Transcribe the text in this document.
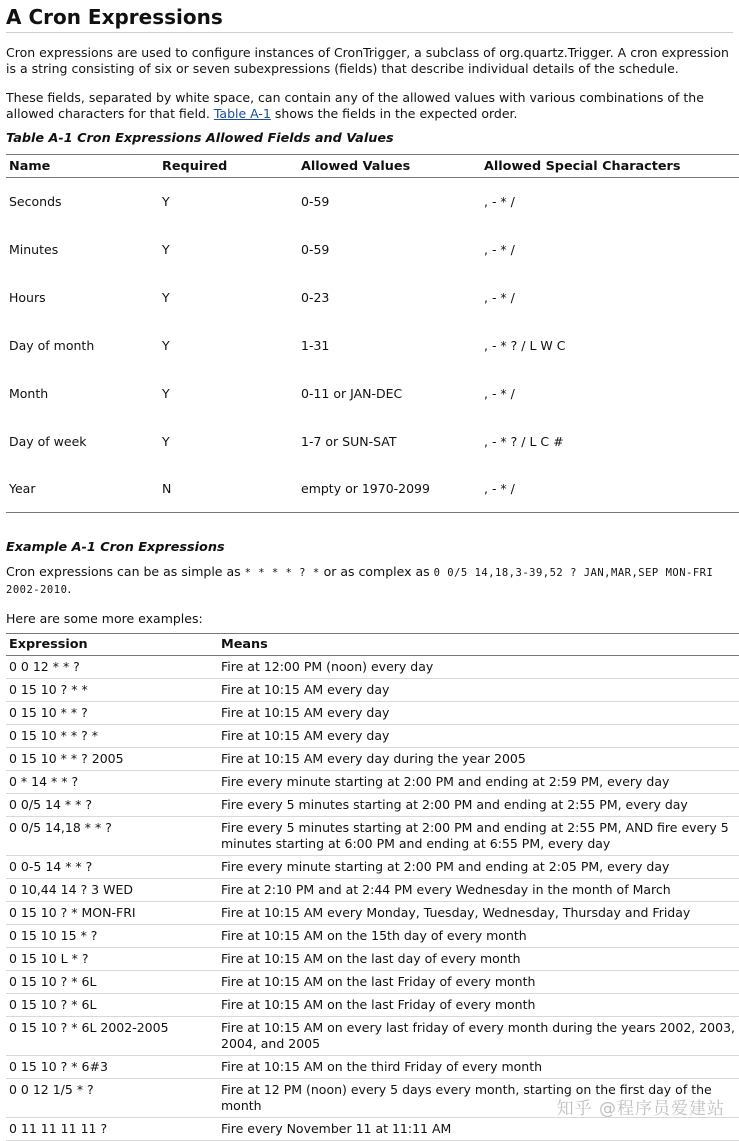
A Cron Expressions

Cron expressions are used to configure instances of CronTrigger, a subclass of org.quartz.Trigger. A cron expression is a string consisting of six or seven subexpressions (fields) that describe individual details of the schedule.

These fields, separated by white space, can contain any of the allowed values with various combinations of the allowed characters for that field. Table A-1 shows the fields in the expected order.

Table A-1 Cron Expressions Allowed Fields and Values
Name	Required	Allowed Values	Allowed Special Characters
Seconds	Y	0-59	, - * /
Minutes	Y	0-59	, - * /
Hours	Y	0-23	, - * /
Day of month	Y	1-31	, - * ? / L W C
Month	Y	0-11 or JAN-DEC	, - * /
Day of week	Y	1-7 or SUN-SAT	, - * ? / L C #
Year	N	empty or 1970-2099	, - * /
Example A-1 Cron Expressions

Cron expressions can be as simple as * * * * ? * or as complex as 0 0/5 14,18,3-39,52 ? JAN,MAR,SEP MON-FRI 2002-2010.

Here are some more examples:

Expression	Means
0 0 12 * * ?	Fire at 12:00 PM (noon) every day
0 15 10 ? * *	Fire at 10:15 AM every day
0 15 10 * * ?	Fire at 10:15 AM every day
0 15 10 * * ? *	Fire at 10:15 AM every day
0 15 10 * * ? 2005	Fire at 10:15 AM every day during the year 2005
0 * 14 * * ?	Fire every minute starting at 2:00 PM and ending at 2:59 PM, every day
0 0/5 14 * * ?	Fire every 5 minutes starting at 2:00 PM and ending at 2:55 PM, every day
0 0/5 14,18 * * ?	Fire every 5 minutes starting at 2:00 PM and ending at 2:55 PM, AND fire every 5 minutes starting at 6:00 PM and ending at 6:55 PM, every day
0 0-5 14 * * ?	Fire every minute starting at 2:00 PM and ending at 2:05 PM, every day
0 10,44 14 ? 3 WED	Fire at 2:10 PM and at 2:44 PM every Wednesday in the month of March
0 15 10 ? * MON-FRI	Fire at 10:15 AM every Monday, Tuesday, Wednesday, Thursday and Friday
0 15 10 15 * ?	Fire at 10:15 AM on the 15th day of every month
0 15 10 L * ?	Fire at 10:15 AM on the last day of every month
0 15 10 ? * 6L	Fire at 10:15 AM on the last Friday of every month
0 15 10 ? * 6L	Fire at 10:15 AM on the last Friday of every month
0 15 10 ? * 6L 2002-2005	Fire at 10:15 AM on every last friday of every month during the years 2002, 2003, 2004, and 2005
0 15 10 ? * 6#3	Fire at 10:15 AM on the third Friday of every month
0 0 12 1/5 * ?	Fire at 12 PM (noon) every 5 days every month, starting on the first day of the month
0 11 11 11 11 ?	Fire every November 11 at 11:11 AM
知乎 @程序员爱建站
